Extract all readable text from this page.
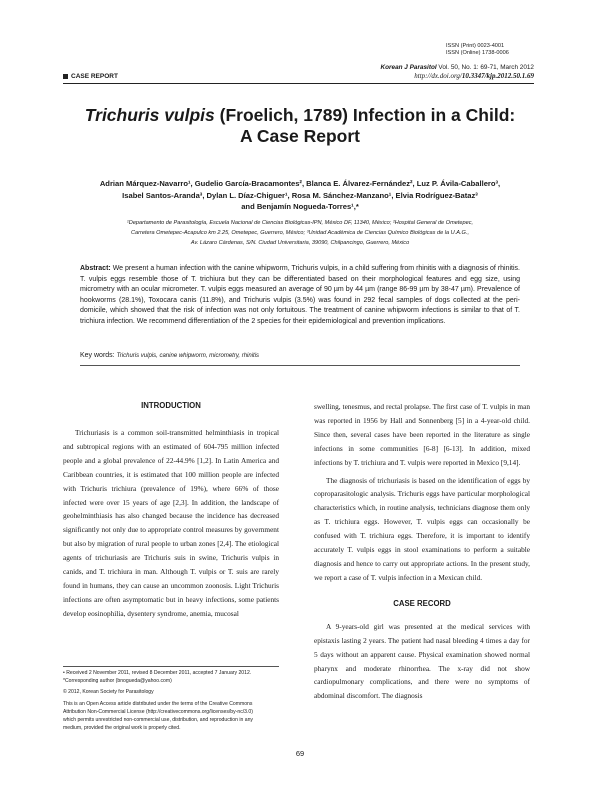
ISSN (Print) 0023-4001
ISSN (Online) 1738-0006
Korean J Parasitol Vol. 50, No. 1: 69-71, March 2012
http://dx.doi.org/10.3347/kjp.2012.50.1.69
CASE REPORT
Trichuris vulpis (Froelich, 1789) Infection in a Child:
A Case Report
Adrian Márquez-Navarro¹, Gudelio García-Bracamontes², Blanca E. Álvarez-Fernández², Luz P. Ávila-Caballero³,
Isabel Santos-Aranda³, Dylan L. Díaz-Chiguer¹, Rosa M. Sánchez-Manzano¹, Elvia Rodríguez-Bataz³
and Benjamín Nogueda-Torres¹,*
¹Departamento de Parasitología, Escuela Nacional de Ciencias Biológicas-IPN, México DF, 11340, México; ²Hospital General de Ometepec,
Carretera Ometepec-Acapulco km 2.25, Ometepec, Guerrero, México; ³Unidad Académica de Ciencias Químico Biológicas de la U.A.G.,
Av. Lázaro Cárdenas, S/N. Ciudad Universitaria, 39090, Chilpancingo, Guerrero, México
Abstract: We present a human infection with the canine whipworm, Trichuris vulpis, in a child suffering from rhinitis with a diagnosis of rhinitis. T. vulpis eggs resemble those of T. trichiura but they can be differentiated based on their morphological features and egg size, using micrometry with an ocular micrometer. T. vulpis eggs measured an average of 90 µm by 44 µm (range 86-99 µm by 38-47 µm). Prevalence of hookworms (28.1%), Toxocara canis (11.8%), and Trichuris vulpis (3.5%) was found in 292 fecal samples of dogs collected at the peri-domicile, which showed that the risk of infection was not only fortuitous. The treatment of canine whipworm infections is similar to that of T. trichiura infection. We recommend differentiation of the 2 species for their epidemiological and prevention implications.
Key words: Trichuris vulpis, canine whipworm, micrometry, rhinitis
INTRODUCTION

Trichuriasis is a common soil-transmitted helminthiasis in tropical and subtropical regions with an estimated of 604-795 million infected people and a global prevalence of 22-44.9% [1,2]. In Latin America and Caribbean countries, it is estimated that 100 million people are infected with Trichuris trichiura (prevalence of 19%), where 66% of those infected were over 15 years of age [2,3]. In addition, the landscape of geohelminthiasis has also changed because the incidence has decreased significantly not only due to appropriate control measures by government but also by migration of rural people to urban zones [2,4]. The etiological agents of trichuriasis are Trichuris suis in swine, Trichuris vulpis in canids, and T. trichiura in man. Although T. vulpis or T. suis are rarely found in humans, they can cause an uncommon zoonosis. Light Trichuris infections are often asymptomatic but in heavy infections, some patients develop eosinophilia, dysentery syndrome, anemia, mucosal

swelling, tenesmus, and rectal prolapse. The first case of T. vulpis in man was reported in 1956 by Hall and Sonnenberg [5] in a 4-year-old child. Since then, several cases have been reported in the literature as single infections in some communities [6-8] [6-13]. In addition, mixed infections by T. trichiura and T. vulpis were reported in Mexico [9,14].

The diagnosis of trichuriasis is based on the identification of eggs by coproparasitologic analysis. Trichuris eggs have particular morphological characteristics which, in routine analysis, technicians diagnose them only as T. trichiura eggs. However, T. vulpis eggs can occasionally be confused with T. trichiura eggs. Therefore, it is important to identify accurately T. vulpis eggs in stool examinations to perform a suitable diagnosis and hence to carry out appropriate actions. In the present study, we report a case of T. vulpis infection in a Mexican child.

CASE RECORD

A 9-years-old girl was presented at the medical services with epistaxis lasting 2 years. The patient had nasal bleeding 4 times a day for 5 days without an apparent cause. Physical examination showed normal pharynx and moderate rhinorrhea. The x-ray did not show cardiopulmonary complications, and there were no symptoms of abdominal discomfort. The diagnosis

• Received 2 November 2011, revised 8 December 2011, accepted 7 January 2012.
*Corresponding author (bnogueda@yahoo.com)
© 2012, Korean Society for Parasitology
This is an Open Access article distributed under the terms of the Creative Commons
Attribution Non-Commercial License (http://creativecommons.org/licenses/by-nc/3.0)
which permits unrestricted non-commercial use, distribution, and reproduction in any
medium, provided the original work is properly cited.
69
